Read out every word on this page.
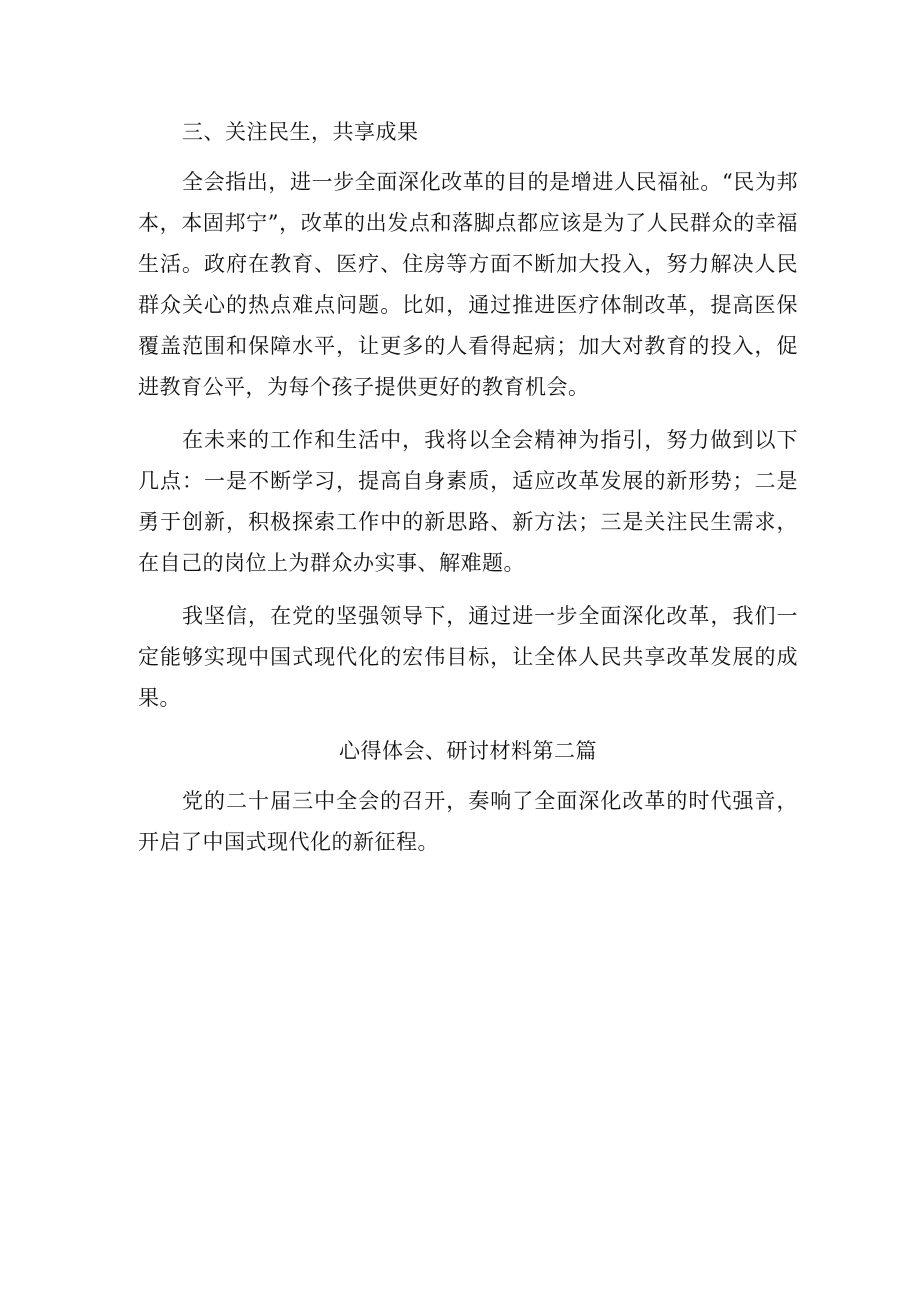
三、关注民生，共享成果

全会指出，进一步全面深化改革的目的是增进人民福祉。“民为邦本，本固邦宁”，改革的出发点和落脚点都应该是为了人民群众的幸福生活。政府在教育、医疗、住房等方面不断加大投入，努力解决人民群众关心的热点难点问题。比如，通过推进医疗体制改革，提高医保覆盖范围和保障水平，让更多的人看得起病；加大对教育的投入，促进教育公平，为每个孩子提供更好的教育机会。

在未来的工作和生活中，我将以全会精神为指引，努力做到以下几点：一是不断学习，提高自身素质，适应改革发展的新形势；二是勇于创新，积极探索工作中的新思路、新方法；三是关注民生需求，在自己的岗位上为群众办实事、解难题。

我坚信，在党的坚强领导下，通过进一步全面深化改革，我们一定能够实现中国式现代化的宏伟目标，让全体人民共享改革发展的成果。

心得体会、研讨材料第二篇

党的二十届三中全会的召开，奏响了全面深化改革的时代强音，开启了中国式现代化的新征程。
